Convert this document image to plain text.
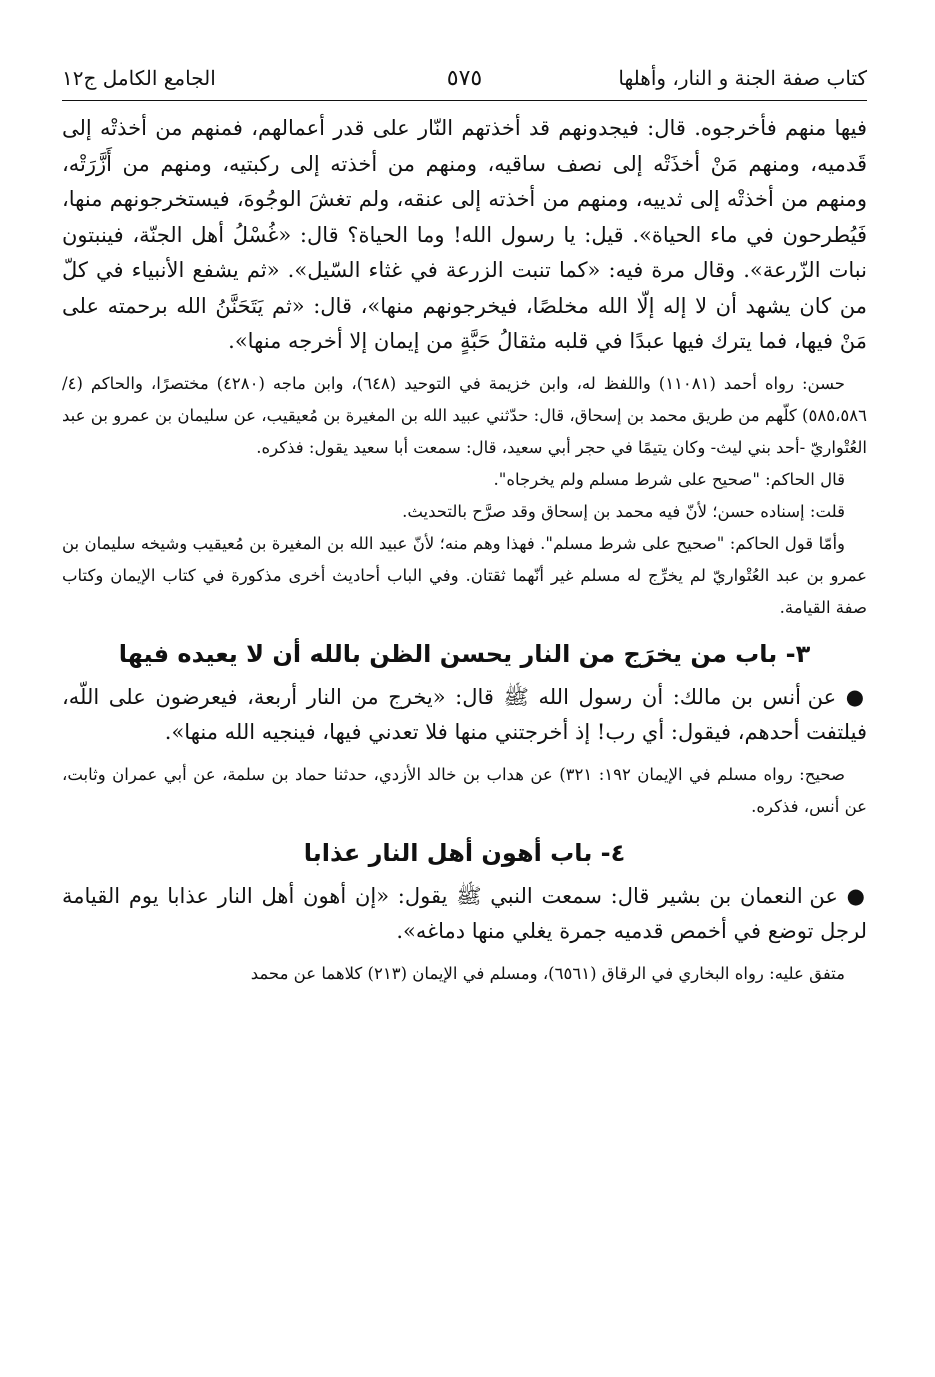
كتاب صفة الجنة و النار، وأهلها
٥٧٥
الجامع الكامل ج١٢

فيها منهم فأخرجوه. قال: فيجدونهم قد أخذتهم النّار على قدر أعمالهم، فمنهم من أخذتْه إلى قَدميه، ومنهم مَنْ أخذَتْه إلى نصف ساقيه، ومنهم من أخذته إلى ركبتيه، ومنهم من أَزَّرَتْه، ومنهم من أخذتْه إلى ثدييه، ومنهم من أخذته إلى عنقه، ولم تغشَ الوجُوهَ، فيستخرجونهم منها، فَيُطرحون في ماء الحياة». قيل: يا رسول الله! وما الحياة؟ قال: «غُسْلُ أهل الجنّة، فينبتون نبات الزّرعة». وقال مرة فيه: «كما تنبت الزرعة في غثاء السّيل». «ثم يشفع الأنبياء في كلّ من كان يشهد أن لا إله إلّا الله مخلصًا، فيخرجونهم منها»، قال: «ثم يَتَحَنَّنُ الله برحمته على مَنْ فيها، فما يترك فيها عبدًا في قلبه مثقالُ حَبَّةٍ من إيمان إلا أخرجه منها».

حسن: رواه أحمد (١١٠٨١) واللفظ له، وابن خزيمة في التوحيد (٦٤٨)، وابن ماجه (٤٢٨٠) مختصرًا، والحاكم (٤/ ٥٨٥،٥٨٦) كلّهم من طريق محمد بن إسحاق، قال: حدّثني عبيد الله بن المغيرة بن مُعيقيب، عن سليمان بن عمرو بن عبد العُتْواريّ -أحد بني ليث- وكان يتيمًا في حجر أبي سعيد، قال: سمعت أبا سعيد يقول: فذكره.

قال الحاكم: "صحيح على شرط مسلم ولم يخرجاه".

قلت: إسناده حسن؛ لأنّ فيه محمد بن إسحاق وقد صرَّح بالتحديث.

وأمّا قول الحاكم: "صحيح على شرط مسلم". فهذا وهم منه؛ لأنّ عبيد الله بن المغيرة بن مُعيقيب وشيخه سليمان بن عمرو بن عبد العُتْواريّ لم يخرِّج له مسلم غير أنّهما ثقتان. وفي الباب أحاديث أخرى مذكورة في كتاب الإيمان وكتاب صفة القيامة.

٣- باب من يخرَج من النار يحسن الظن بالله أن لا يعيده فيها

● عن أنس بن مالك: أن رسول الله ﷺ قال: «يخرج من النار أربعة، فيعرضون على اللّه، فيلتفت أحدهم، فيقول: أي رب! إذ أخرجتني منها فلا تعدني فيها، فينجيه الله منها».

صحيح: رواه مسلم في الإيمان ١٩٢: ٣٢١) عن هداب بن خالد الأزدي، حدثنا حماد بن سلمة، عن أبي عمران وثابت، عن أنس، فذكره.

٤- باب أهون أهل النار عذابا

● عن النعمان بن بشير قال: سمعت النبي ﷺ يقول: «إن أهون أهل النار عذابا يوم القيامة لرجل توضع في أخمص قدميه جمرة يغلي منها دماغه».

متفق عليه: رواه البخاري في الرقاق (٦٥٦١)، ومسلم في الإيمان (٢١٣) كلاهما عن محمد
